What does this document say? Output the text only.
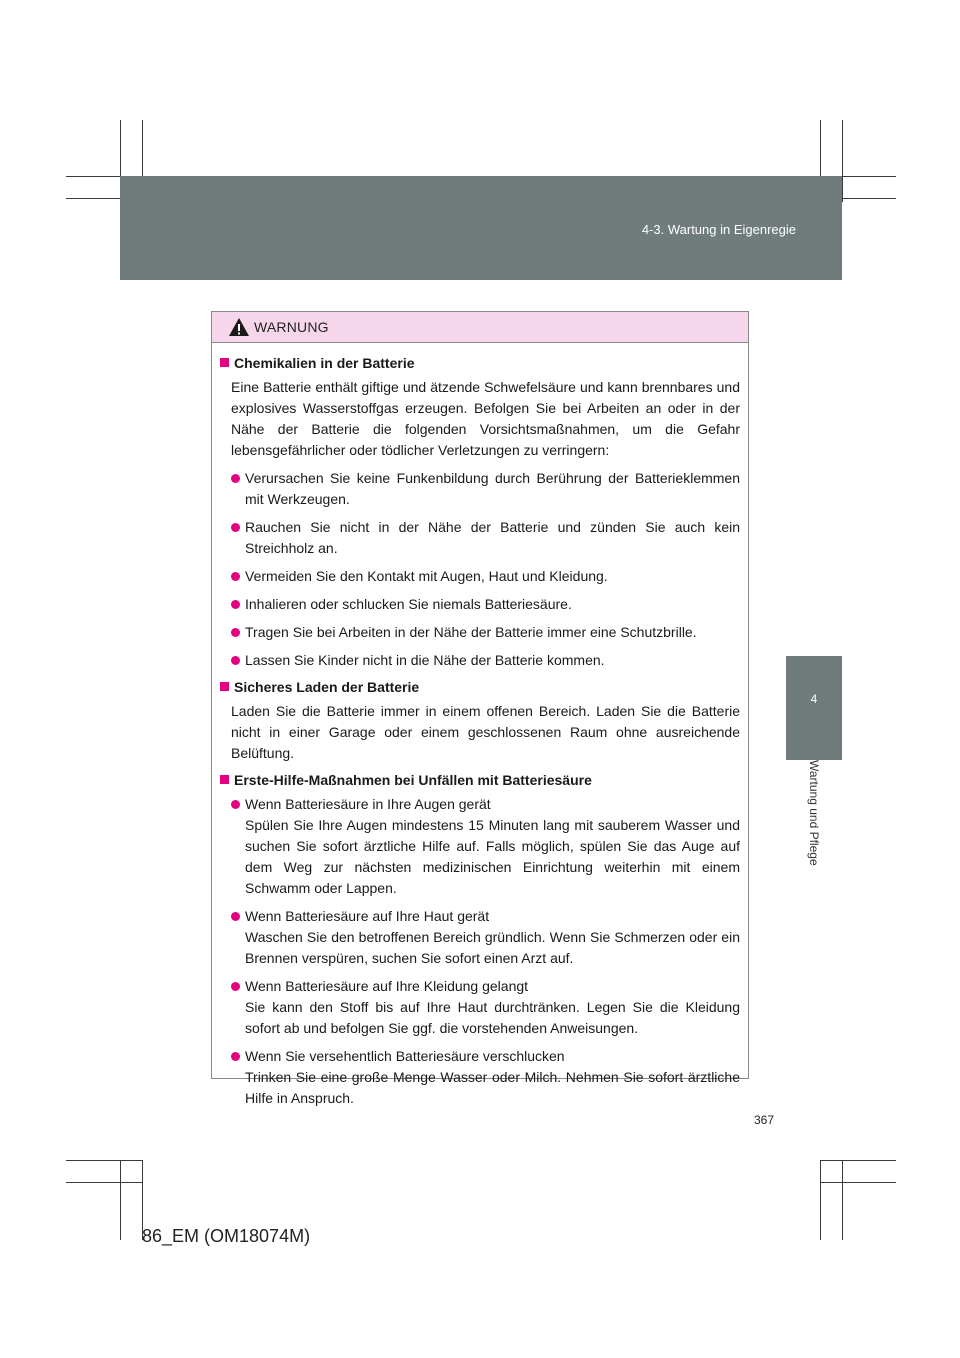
4-3. Wartung in Eigenregie
4
Wartung und Pflege
WARNUNG
Chemikalien in der Batterie
Eine Batterie enthält giftige und ätzende Schwefelsäure und kann brennbares und explosives Wasserstoffgas erzeugen. Befolgen Sie bei Arbeiten an oder in der Nähe der Batterie die folgenden Vorsichtsmaßnahmen, um die Gefahr lebensgefährlicher oder tödlicher Verletzungen zu verringern:
Verursachen Sie keine Funkenbildung durch Berührung der Batterieklemmen mit Werkzeugen.
Rauchen Sie nicht in der Nähe der Batterie und zünden Sie auch kein Streichholz an.
Vermeiden Sie den Kontakt mit Augen, Haut und Kleidung.
Inhalieren oder schlucken Sie niemals Batteriesäure.
Tragen Sie bei Arbeiten in der Nähe der Batterie immer eine Schutzbrille.
Lassen Sie Kinder nicht in die Nähe der Batterie kommen.
Sicheres Laden der Batterie
Laden Sie die Batterie immer in einem offenen Bereich. Laden Sie die Batterie nicht in einer Garage oder einem geschlossenen Raum ohne ausreichende Belüftung.
Erste-Hilfe-Maßnahmen bei Unfällen mit Batteriesäure
Wenn Batteriesäure in Ihre Augen gerät
Spülen Sie Ihre Augen mindestens 15 Minuten lang mit sauberem Wasser und suchen Sie sofort ärztliche Hilfe auf. Falls möglich, spülen Sie das Auge auf dem Weg zur nächsten medizinischen Einrichtung weiterhin mit einem Schwamm oder Lappen.
Wenn Batteriesäure auf Ihre Haut gerät
Waschen Sie den betroffenen Bereich gründlich. Wenn Sie Schmerzen oder ein Brennen verspüren, suchen Sie sofort einen Arzt auf.
Wenn Batteriesäure auf Ihre Kleidung gelangt
Sie kann den Stoff bis auf Ihre Haut durchtränken. Legen Sie die Kleidung sofort ab und befolgen Sie ggf. die vorstehenden Anweisungen.
Wenn Sie versehentlich Batteriesäure verschlucken
Trinken Sie eine große Menge Wasser oder Milch. Nehmen Sie sofort ärztliche Hilfe in Anspruch.
367
86_EM (OM18074M)
